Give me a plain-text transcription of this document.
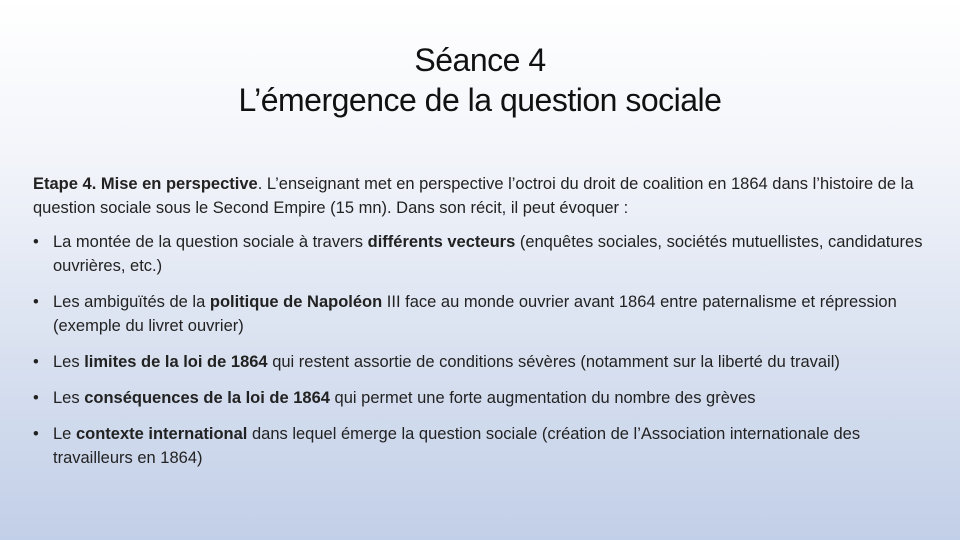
Séance 4
L’émergence de la question sociale

Etape 4. Mise en perspective. L’enseignant met en perspective l’octroi du droit de coalition en 1864 dans l’histoire de la question sociale sous le Second Empire (15 mn). Dans son récit, il peut évoquer :

• La montée de la question sociale à travers différents vecteurs (enquêtes sociales, sociétés mutuellistes, candidatures ouvrières, etc.)
• Les ambiguïtés de la politique de Napoléon III face au monde ouvrier avant 1864 entre paternalisme et répression (exemple du livret ouvrier)
• Les limites de la loi de 1864 qui restent assortie de conditions sévères (notamment sur la liberté du travail)
• Les conséquences de la loi de 1864 qui permet une forte augmentation du nombre des grèves
• Le contexte international dans lequel émerge la question sociale (création de l’Association internationale des travailleurs en 1864)
